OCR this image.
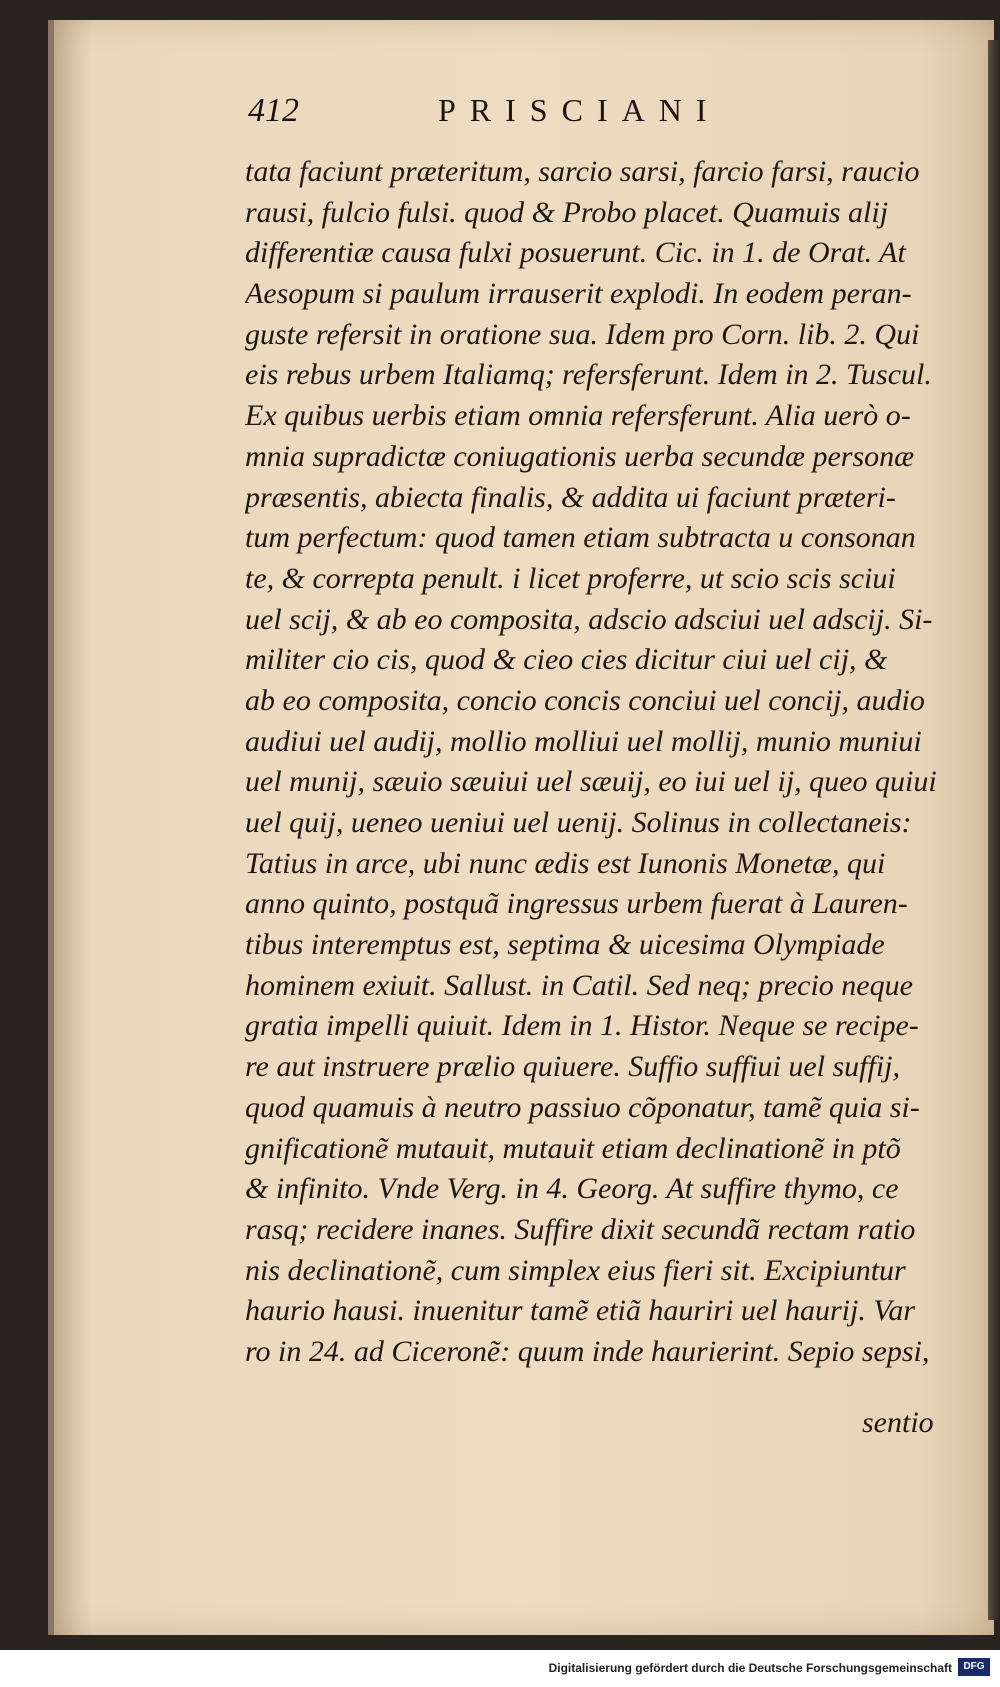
412	PRISCIANI
tata faciunt præteritum, sarcio sarsi, farcio farsi, raucio
rausi, fulcio fulsi. quod & Probo placet. Quamuis alij
differentiæ causa fulxi posuerunt. Cic. in 1. de Orat. At
Aesopum si paulum irrauserit explodi. In eodem peran-
guste refersit in oratione sua. Idem pro Corn. lib. 2. Qui
eis rebus urbem Italiamq; refersferunt. Idem in 2. Tuscul.
Ex quibus uerbis etiam omnia refersferunt. Alia uerò o-
mnia supradictæ coniugationis uerba secundæ personæ
præsentis, abiecta finalis, & addita ui faciunt præteri-
tum perfectum: quod tamen etiam subtracta u consonan
te, & correpta penult. i licet proferre, ut scio scis sciui
uel scij, & ab eo composita, adscio adsciui uel adscij. Si-
militer cio cis, quod & cieo cies dicitur ciui uel cij, &
ab eo composita, concio concis conciui uel concij, audio
audiui uel audij, mollio molliui uel mollij, munio muniui
uel munij, sæuio sæuiui uel sæuij, eo iui uel ij, queo quiui
uel quij, ueneo ueniui uel uenij. Solinus in collectaneis:
Tatius in arce, ubi nunc ædis est Iunonis Monetæ, qui
anno quinto, postquã ingressus urbem fuerat à Lauren-
tibus interemptus est, septima & uicesima Olympiade
hominem exiuit. Sallust. in Catil. Sed neq; precio neque
gratia impelli quiuit. Idem in 1. Histor. Neque se recipe-
re aut instruere prælio quiuere. Suffio suffiui uel suffij,
quod quamuis à neutro passiuo cõponatur, tamẽ quia si-
gnificationẽ mutauit, mutauit etiam declinationẽ in ptõ
& infinito. Vnde Verg. in 4. Georg. At suffire thymo, ce
rasq; recidere inanes. Suffire dixit secundã rectam ratio
nis declinationẽ, cum simplex eius fieri sit. Excipiuntur
haurio hausi. inuenitur tamẽ etiã hauriri uel haurij. Var
ro in 24. ad Ciceronẽ: quum inde haurierint. Sepio sepsi,
sentio
Digitalisierung gefördert durch die Deutsche Forschungsgemeinschaft	DFG
